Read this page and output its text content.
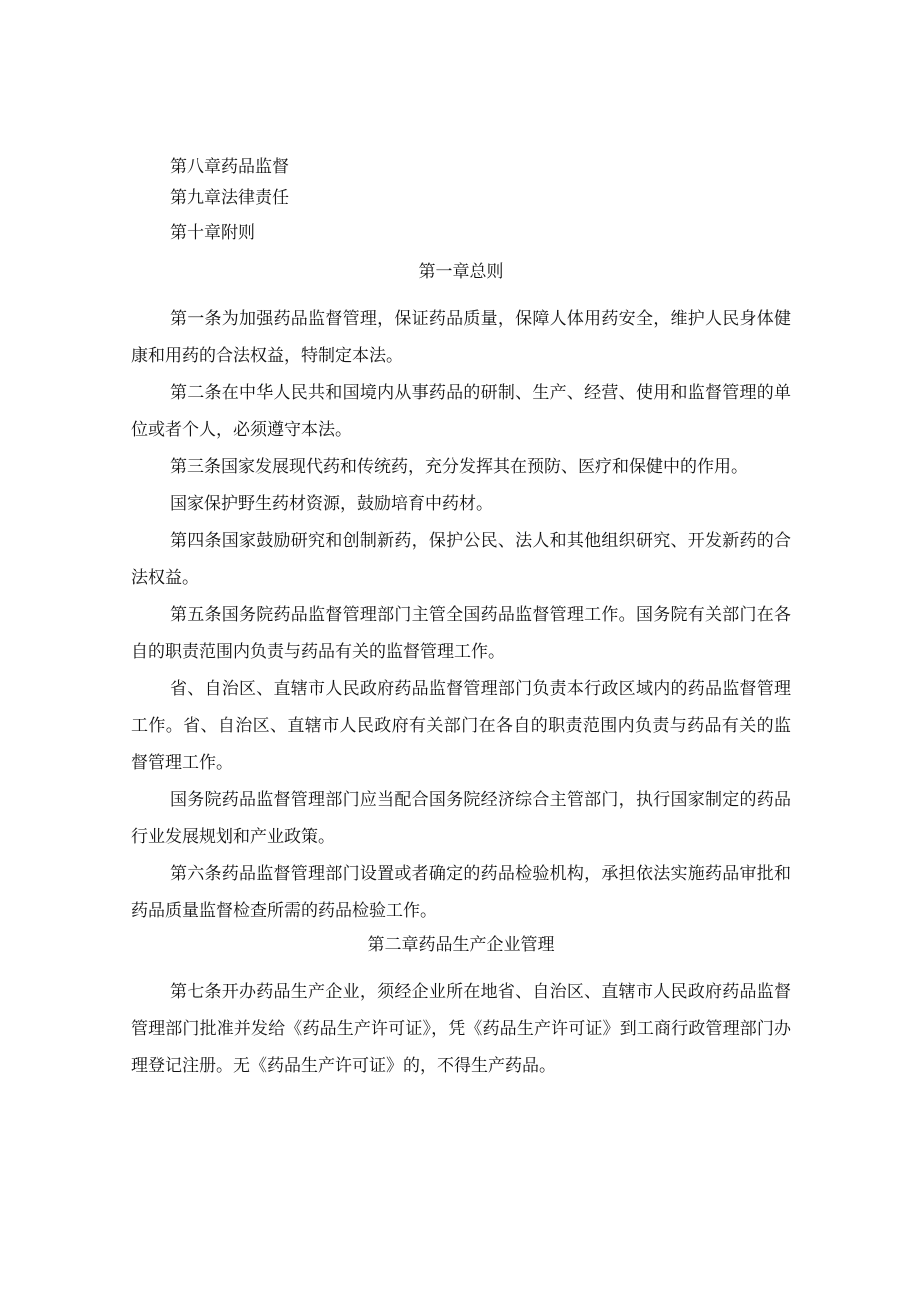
第八章药品监督
第九章法律责任
第十章附则
第一章总则

第一条为加强药品监督管理，保证药品质量，保障人体用药安全，维护人民身体健康和用药的合法权益，特制定本法。

第二条在中华人民共和国境内从事药品的研制、生产、经营、使用和监督管理的单位或者个人，必须遵守本法。

第三条国家发展现代药和传统药，充分发挥其在预防、医疗和保健中的作用。

国家保护野生药材资源，鼓励培育中药材。

第四条国家鼓励研究和创制新药，保护公民、法人和其他组织研究、开发新药的合法权益。

第五条国务院药品监督管理部门主管全国药品监督管理工作。国务院有关部门在各自的职责范围内负责与药品有关的监督管理工作。

省、自治区、直辖市人民政府药品监督管理部门负责本行政区域内的药品监督管理工作。省、自治区、直辖市人民政府有关部门在各自的职责范围内负责与药品有关的监督管理工作。

国务院药品监督管理部门应当配合国务院经济综合主管部门，执行国家制定的药品行业发展规划和产业政策。

第六条药品监督管理部门设置或者确定的药品检验机构，承担依法实施药品审批和药品质量监督检查所需的药品检验工作。

第二章药品生产企业管理

第七条开办药品生产企业，须经企业所在地省、自治区、直辖市人民政府药品监督管理部门批准并发给《药品生产许可证》，凭《药品生产许可证》到工商行政管理部门办理登记注册。无《药品生产许可证》的，不得生产药品。
